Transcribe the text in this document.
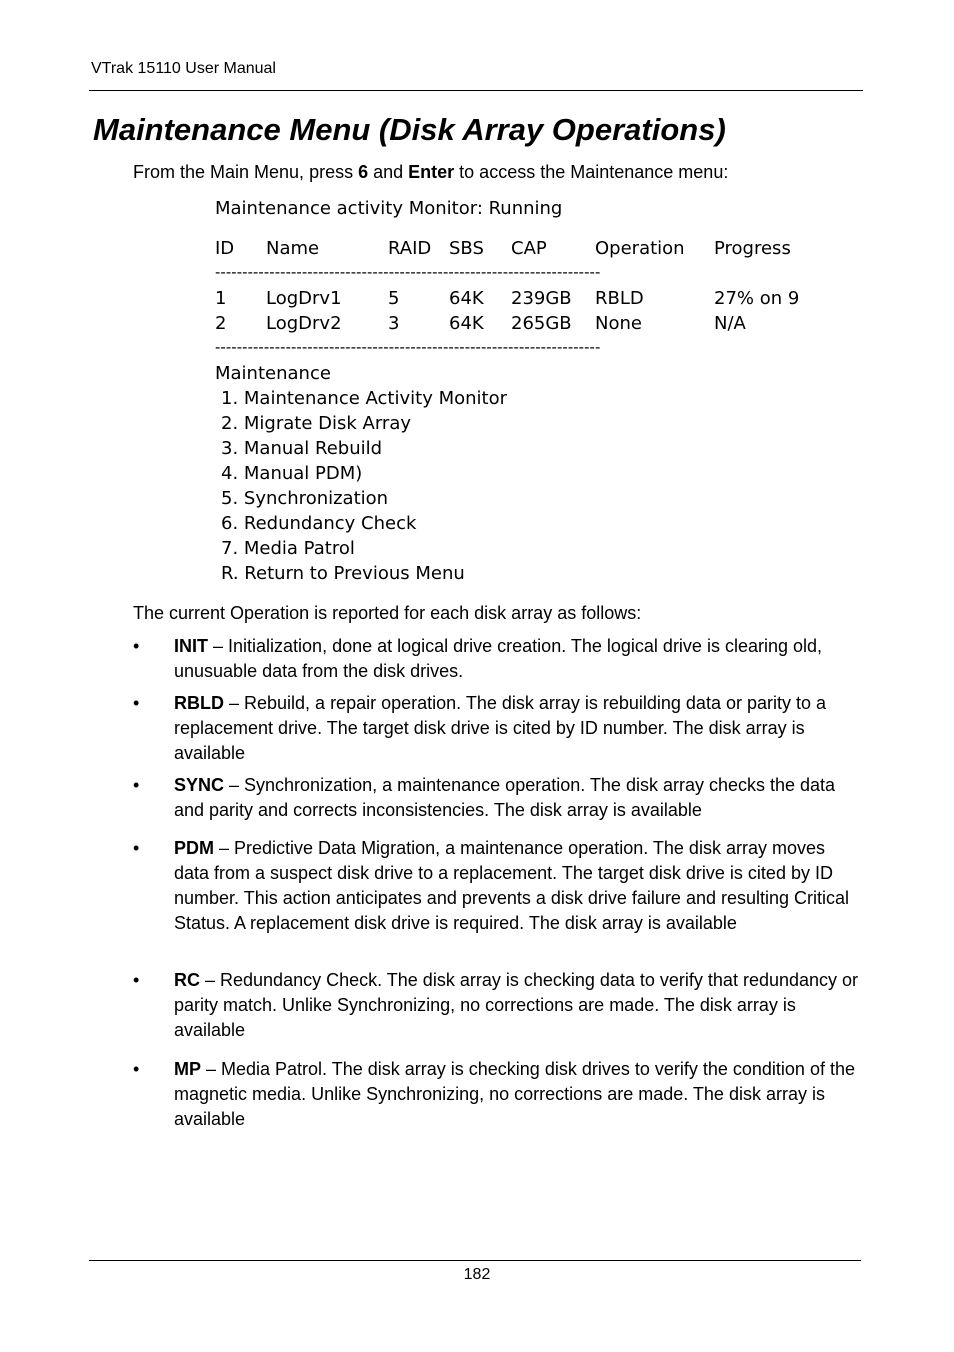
VTrak 15110 User Manual
Maintenance Menu (Disk Array Operations)
From the Main Menu, press 6 and Enter to access the Maintenance menu:
Maintenance activity Monitor: Running
ID Name	RAID SBS CAP	Operation Progress
-----------------------------------------------------------------------
1 LogDrv1	5	64K 239GB RBLD	27% on 9
2 LogDrv2	3	64K 265GB None	N/A
-----------------------------------------------------------------------
Maintenance
1. Maintenance Activity Monitor
2. Migrate Disk Array
3. Manual Rebuild
4. Manual PDM)
5. Synchronization
6. Redundancy Check
7. Media Patrol
R. Return to Previous Menu
The current Operation is reported for each disk array as follows:
• INIT – Initialization, done at logical drive creation. The logical drive is clearing old, unusuable data from the disk drives.
• RBLD – Rebuild, a repair operation. The disk array is rebuilding data or parity to a replacement drive. The target disk drive is cited by ID number. The disk array is available
• SYNC – Synchronization, a maintenance operation. The disk array checks the data and parity and corrects inconsistencies. The disk array is available
• PDM – Predictive Data Migration, a maintenance operation. The disk array moves data from a suspect disk drive to a replacement. The target disk drive is cited by ID number. This action anticipates and prevents a disk drive failure and resulting Critical Status. A replacement disk drive is required. The disk array is available
• RC – Redundancy Check. The disk array is checking data to verify that redundancy or parity match. Unlike Synchronizing, no corrections are made. The disk array is available
• MP – Media Patrol. The disk array is checking disk drives to verify the condition of the magnetic media. Unlike Synchronizing, no corrections are made. The disk array is available
182
